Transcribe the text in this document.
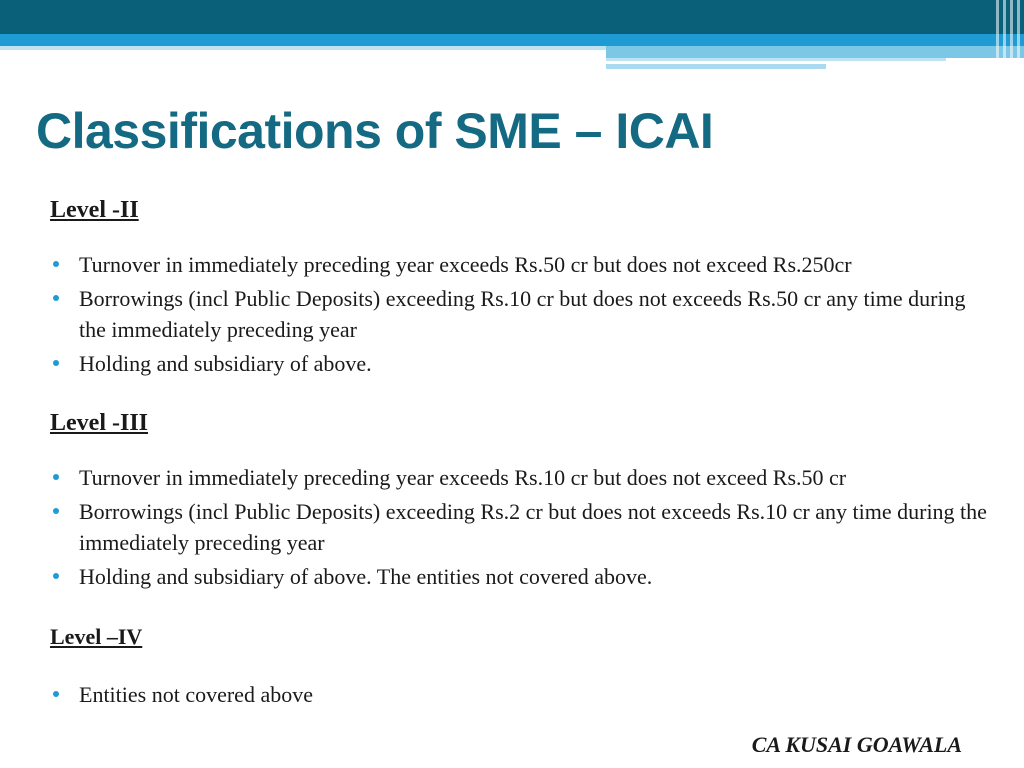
Classifications of SME – ICAI
Level -II
Turnover in immediately preceding year exceeds Rs.50 cr but does not exceed Rs.250cr
Borrowings (incl Public Deposits) exceeding Rs.10 cr but does not exceeds Rs.50 cr any time during the immediately preceding year
Holding and subsidiary of above.
Level -III
Turnover in immediately preceding year exceeds Rs.10 cr but does not exceed Rs.50 cr
Borrowings (incl Public Deposits) exceeding Rs.2 cr but does not exceeds Rs.10 cr any time during the immediately preceding year
Holding and subsidiary of above. The entities not covered above.
Level –IV
Entities not covered above

CA KUSAI GOAWALA
